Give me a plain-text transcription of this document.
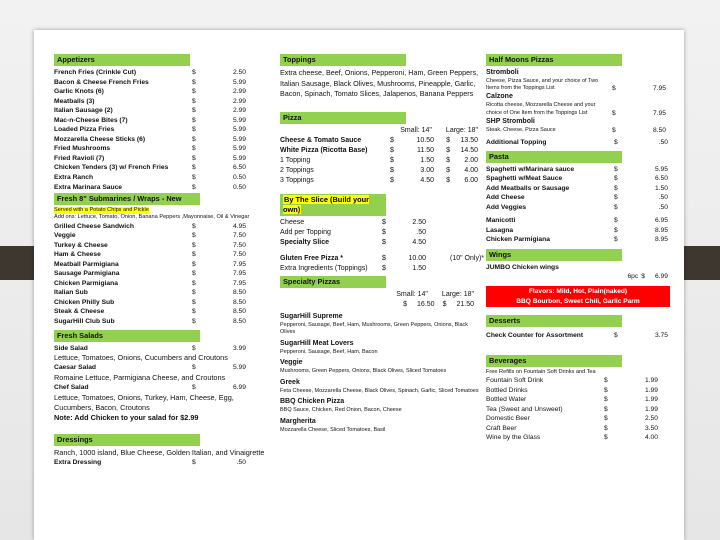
Appetizers
French Fries (Crinkle Cut)	$	2.50
Bacon & Cheese French Fries	$	5.99
Garlic Knots (6)	$	2.99
Meatballs (3)	$	2.99
Italian Sausage (2)	$	2.99
Mac-n-Cheese Bites (7)	$	5.99
Loaded Pizza Fries	$	5.99
Mozzarella Cheese Sticks (6)	$	5.99
Fried Mushrooms	$	5.99
Fried Ravioli (7)	$	5.99
Chicken Tenders (3) w/ French Fries	$	6.50
Extra Ranch	$	0.50
Extra Marinara Sauce	$	0.50
Fresh 8" Submarines / Wraps - New
Served with a Potato Chips and Pickle
Add ons: Lettuce, Tomato, Onion, Banana Peppers ,Mayonnaise, Oil & Vinegar
Grilled Cheese Sandwich	$	4.95
Veggie	$	7.50
Turkey & Cheese	$	7.50
Ham & Cheese	$	7.50
Meatball Parmigiana	$	7.95
Sausage Parmigiana	$	7.95
Chicken Parmigiana	$	7.95
Italian Sub	$	8.50
Chicken Philly Sub	$	8.50
Steak & Cheese	$	8.50
SugarHill Club Sub	$	8.50
Fresh Salads
Side Salad	$	3.99
Lettuce, Tomatoes, Onions, Cucumbers and Croutons
Caesar Salad	$	5.99
Romaine Lettuce, Parmigiana Cheese, and Croutons
Chef Salad	$	6.99
Lettuce, Tomatoes, Onions, Turkey, Ham, Cheese, Egg, Cucumbers, Bacon, Croutons
Note: Add Chicken to your salad for $2.99
Dressings
Ranch, 1000 island, Blue Cheese, Golden Italian, and Vinaigrette
Extra Dressing	$	.50
Toppings
Extra cheese, Beef, Onions, Pepperoni, Ham, Green Peppers, Italian Sausage, Black Olives, Mushrooms, Pineapple, Garlic, Bacon, Spinach, Tomato Slices, Jalapenos, Banana Peppers
Pizza
Small: 14" Large: 18"
Cheese & Tomato Sauce	$	10.50	$	13.50
White Pizza (Ricotta Base)	$	11.50	$	14.50
1 Topping	$	1.50	$	2.00
2 Toppings	$	3.00	$	4.00
3 Toppings	$	4.50	$	6.00
By The Slice (Build your own)
Cheese	$	2.50
Add per Topping	$	.50
Specialty Slice	$	4.50
Gluten Free Pizza *	$	10.00	(10" Only)*
Extra Ingredients (Toppings)	$	1.50
Specialty Pizzas
Small: 14" Large: 18"
$ 16.50 $ 21.50
SugarHill Supreme
Pepperoni, Sausage, Beef, Ham, Mushrooms, Green Peppers, Onions, Black Olives
SugarHill Meat Lovers
Pepperoni, Sausage, Beef, Ham, Bacon
Veggie
Mushrooms, Green Peppers, Onions, Black Olives, Sliced Tomatoes
Greek
Feta Cheese, Mozzarella Cheese, Black Olives, Spinach, Garlic, Sliced Tomatoes
BBQ Chicken Pizza
BBQ Sauce, Chicken, Red Onion, Bacon, Cheese
Margherita
Mozzarella Cheese, Sliced Tomatoes, Basil
Half Moons Pizzas
Stromboli
Cheese, Pizza Sauce, and your choice of Two Items from the Toppings List	$	7.95
Calzone
Ricotta cheese, Mozzarella Cheese and your choice of One Item from the Toppings List	$	7.95
SHP Stromboli
Steak, Cheese, Pizza Sauce	$	8.50
Additional Topping	$	.50
Pasta
Spaghetti w/Marinara sauce	$	5.95
Spaghetti w/Meat Sauce	$	6.50
Add Meatballs or Sausage	$	1.50
Add Cheese	$	.50
Add Veggies	$	.50
Manicotti	$	6.95
Lasagna	$	8.95
Chicken Parmigiana	$	8.95
Wings
JUMBO Chicken wings
6pc $ 6.99
Flavors: Mild, Hot, Plain(naked)
BBQ Bourbon, Sweet Chili, Garlic Parm
Desserts
Check Counter for Assortment	$	3.75
Beverages
Free Refills on Fountain Soft Drinks and Tea
Fountain Soft Drink	$	1.99
Bottled Drinks	$	1.99
Bottled Water	$	1.99
Tea (Sweet and Unsweet)	$	1.99
Domestic Beer	$	2.50
Craft Beer	$	3.50
Wine by the Glass	$	4.00
